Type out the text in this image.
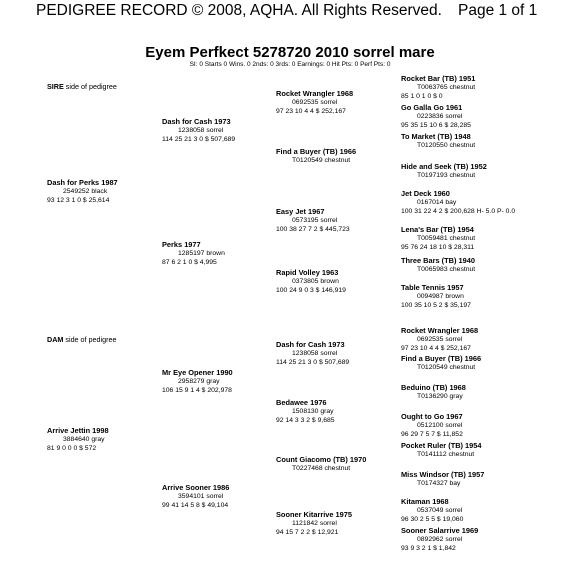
PEDIGREE RECORD © 2008, AQHA. All Rights Reserved. Page 1 of 1
Eyem Perfkect 5278720 2010 sorrel mare
SI: 0 Starts 0 Wins. 0 2nds: 0 3rds: 0 Earnings: 0 Hit Pts: 0 Perf Pts: 0
SIRE side of pedigree
Dash for Perks 1987
2549252 black
93 12 3 1 0 $ 25,614
Dash for Cash 1973
1238058 sorrel
114 25 21 3 0 $ 507,689
Perks 1977
1285197 brown
87 6 2 1 0 $ 4,995
Rocket Wrangler 1968
0692535 sorrel
97 23 10 4 4 $ 252,167
Find a Buyer (TB) 1966
T0120549 chestnut
Easy Jet 1967
0573195 sorrel
100 38 27 7 2 $ 445,723
Rapid Volley 1963
0373805 brown
100 24 9 0 3 $ 146,919
Rocket Bar (TB) 1951
T0063765 chestnut
85 1 0 1 0 $ 0
Go Galla Go 1961
0223836 sorrel
95 35 15 10 6 $ 28,285
To Market (TB) 1948
T0120550 chestnut
Hide and Seek (TB) 1952
T0197193 chestnut
Jet Deck 1960
0167014 bay
100 31 22 4 2 $ 200,628 H- 5.0 P- 0.0
Lena's Bar (TB) 1954
T0059481 chestnut
95 76 24 18 10 $ 28,311
Three Bars (TB) 1940
T0065983 chestnut
Table Tennis 1957
0094987 brown
100 35 10 5 2 $ 35,197
DAM side of pedigree
Arrive Jettin 1998
3884640 gray
81 9 0 0 0 $ 572
Mr Eye Opener 1990
2958279 gray
106 15 9 1 4 $ 202,978
Arrive Sooner 1986
3594101 sorrel
99 41 14 5 8 $ 49,104
Dash for Cash 1973
1238058 sorrel
114 25 21 3 0 $ 507,689
Bedawee 1976
1508130 gray
92 14 3 3 2 $ 9,685
Count Giacomo (TB) 1970
T0227468 chestnut
Sooner Kitarrive 1975
1121842 sorrel
94 15 7 2 2 $ 12,921
Rocket Wrangler 1968
0692535 sorrel
97 23 10 4 4 $ 252,167
Find a Buyer (TB) 1966
T0120549 chestnut
Beduino (TB) 1968
T0136290 gray
Ought to Go 1967
0512100 sorrel
96 29 7 5 7 $ 11,852
Pocket Ruler (TB) 1954
T0141112 chestnut
Miss Windsor (TB) 1957
T0174327 bay
Kitaman 1968
0537049 sorrel
96 30 2 5 5 $ 19,060
Sooner Salarrive 1969
0892962 sorrel
93 9 3 2 1 $ 1,842
